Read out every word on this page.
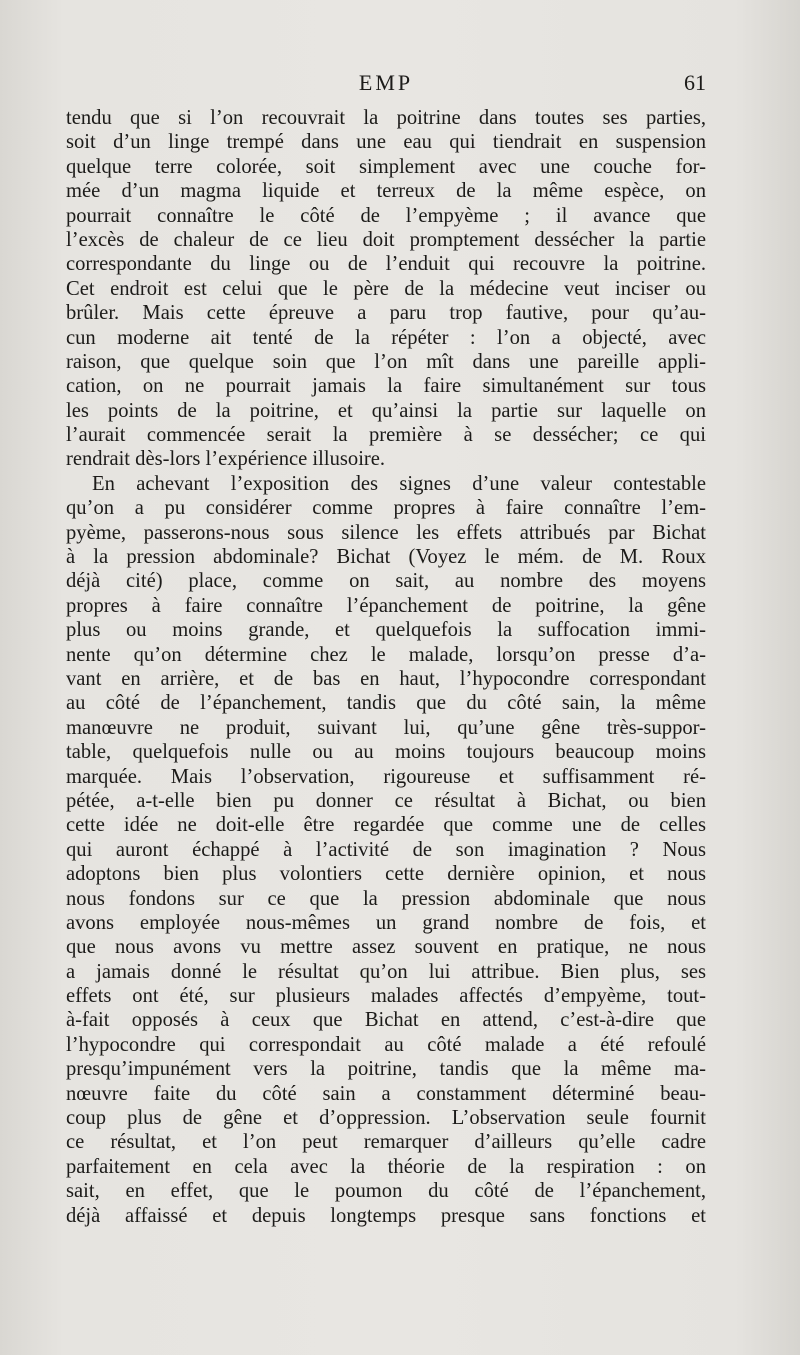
EMP	61
tendu que si l’on recouvrait la poitrine dans toutes ses parties,
soit d’un linge trempé dans une eau qui tiendrait en suspension
quelque terre colorée, soit simplement avec une couche for-
mée d’un magma liquide et terreux de la même espèce, on
pourrait connaître le côté de l’empyème ; il avance que
l’excès de chaleur de ce lieu doit promptement dessécher la partie
correspondante du linge ou de l’enduit qui recouvre la poitrine.
Cet endroit est celui que le père de la médecine veut inciser ou
brûler. Mais cette épreuve a paru trop fautive, pour qu’au-
cun moderne ait tenté de la répéter : l’on a objecté, avec
raison, que quelque soin que l’on mît dans une pareille appli-
cation, on ne pourrait jamais la faire simultanément sur tous
les points de la poitrine, et qu’ainsi la partie sur laquelle on
l’aurait commencée serait la première à se dessécher; ce qui
rendrait dès-lors l’expérience illusoire.
En achevant l’exposition des signes d’une valeur contestable
qu’on a pu considérer comme propres à faire connaître l’em-
pyème, passerons-nous sous silence les effets attribués par Bichat
à la pression abdominale? Bichat (Voyez le mém. de M. Roux
déjà cité) place, comme on sait, au nombre des moyens
propres à faire connaître l’épanchement de poitrine, la gêne
plus ou moins grande, et quelquefois la suffocation immi-
nente qu’on détermine chez le malade, lorsqu’on presse d’a-
vant en arrière, et de bas en haut, l’hypocondre correspondant
au côté de l’épanchement, tandis que du côté sain, la même
manœuvre ne produit, suivant lui, qu’une gêne très-suppor-
table, quelquefois nulle ou au moins toujours beaucoup moins
marquée. Mais l’observation, rigoureuse et suffisamment ré-
pétée, a-t-elle bien pu donner ce résultat à Bichat, ou bien
cette idée ne doit-elle être regardée que comme une de celles
qui auront échappé à l’activité de son imagination ? Nous
adoptons bien plus volontiers cette dernière opinion, et nous
nous fondons sur ce que la pression abdominale que nous
avons employée nous-mêmes un grand nombre de fois, et
que nous avons vu mettre assez souvent en pratique, ne nous
a jamais donné le résultat qu’on lui attribue. Bien plus, ses
effets ont été, sur plusieurs malades affectés d’empyème, tout-
à-fait opposés à ceux que Bichat en attend, c’est-à-dire que
l’hypocondre qui correspondait au côté malade a été refoulé
presqu’impunément vers la poitrine, tandis que la même ma-
nœuvre faite du côté sain a constamment déterminé beau-
coup plus de gêne et d’oppression. L’observation seule fournit
ce résultat, et l’on peut remarquer d’ailleurs qu’elle cadre
parfaitement en cela avec la théorie de la respiration : on
sait, en effet, que le poumon du côté de l’épanchement,
déjà affaissé et depuis longtemps presque sans fonctions et
